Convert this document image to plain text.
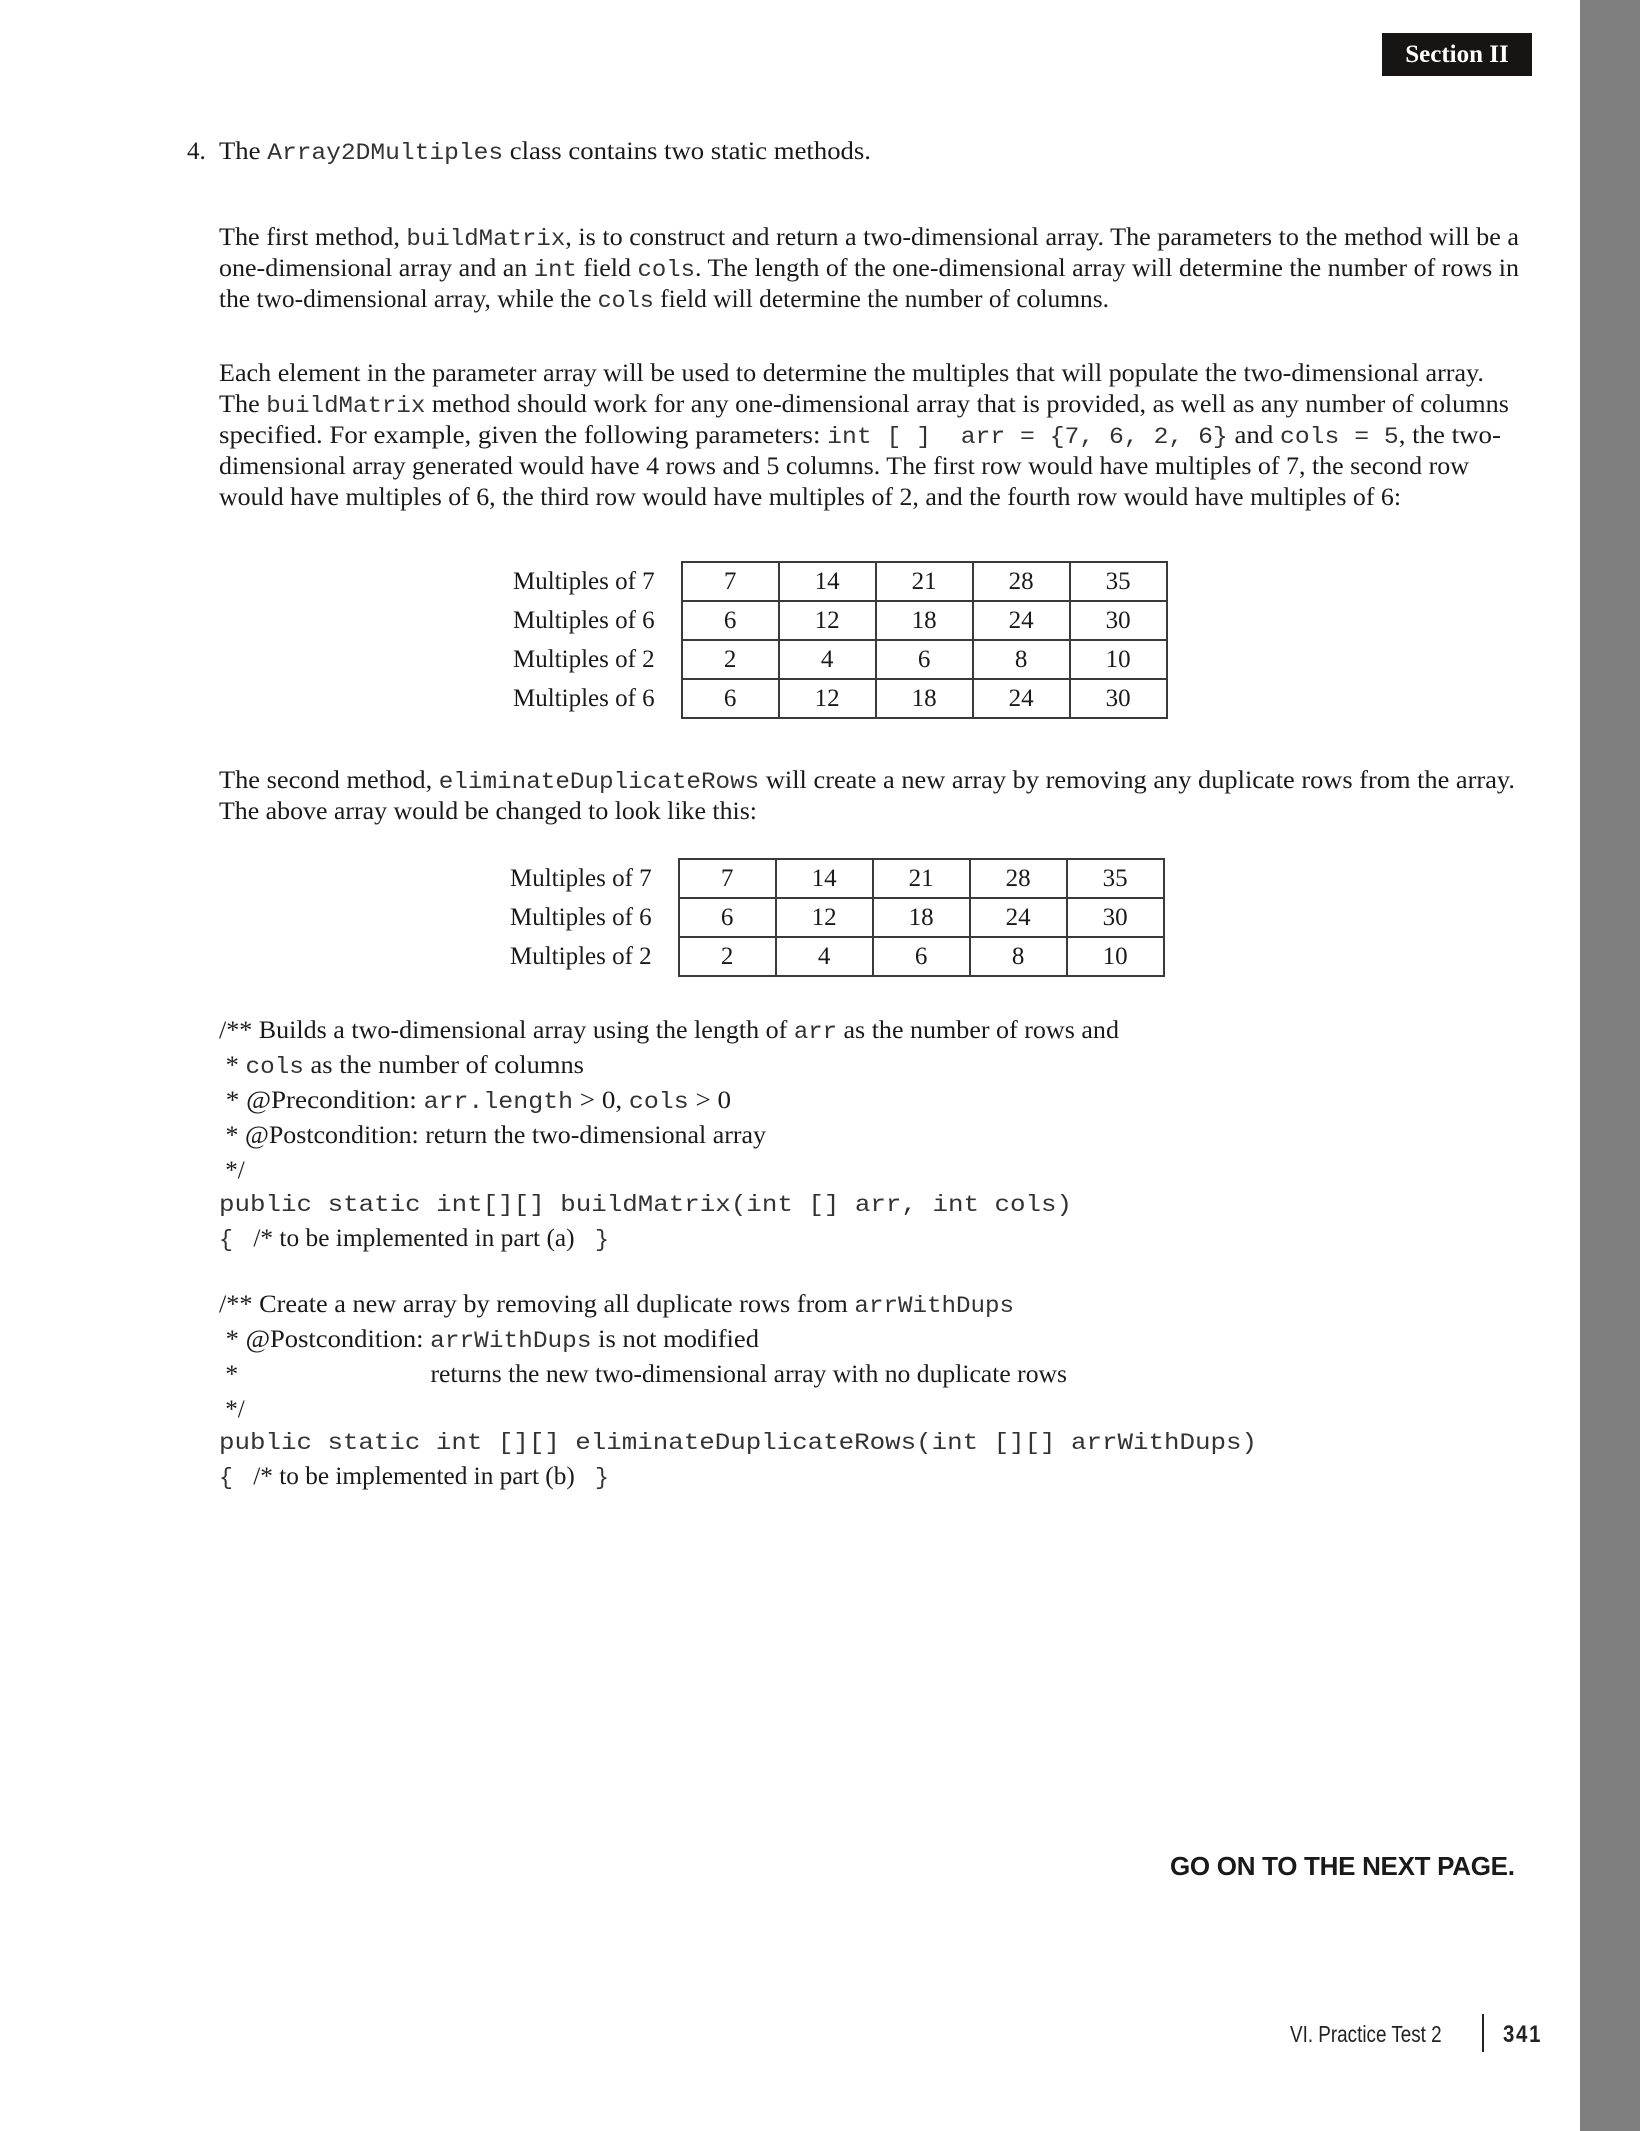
Section II
4. The Array2DMultiples class contains two static methods.
The first method, buildMatrix, is to construct and return a two-dimensional array. The parameters to the method will be a
one-dimensional array and an int field cols. The length of the one-dimensional array will determine the number of rows in
the two-dimensional array, while the cols field will determine the number of columns.
Each element in the parameter array will be used to determine the multiples that will populate the two-dimensional array.
The buildMatrix method should work for any one-dimensional array that is provided, as well as any number of columns
specified. For example, given the following parameters: int [ ]  arr = {7, 6, 2, 6} and cols = 5, the two-
dimensional array generated would have 4 rows and 5 columns. The first row would have multiples of 7, the second row
would have multiples of 6, the third row would have multiples of 2, and the fourth row would have multiples of 6:
The second method, eliminateDuplicateRows will create a new array by removing any duplicate rows from the array.
The above array would be changed to look like this:
/** Builds a two-dimensional array using the length of arr as the number of rows and
* cols as the number of columns
* @Precondition: arr.length > 0, cols > 0
* @Postcondition: return the two-dimensional array
*/
public static int[][] buildMatrix(int [] arr, int cols)
{  /* to be implemented in part (a)  }
/** Create a new array by removing all duplicate rows from arrWithDups
* @Postcondition: arrWithDups is not modified
*                              returns the new two-dimensional array with no duplicate rows
*/
public static int [][] eliminateDuplicateRows(int [][] arrWithDups)
{  /* to be implemented in part (b)  }
Multiples of 7	7	14	21	28	35
Multiples of 6	6	12	18	24	30
Multiples of 2	2	4	6	8	10
Multiples of 6	6	12	18	24	30
Multiples of 7	7	14	21	28	35
Multiples of 6	6	12	18	24	30
Multiples of 2	2	4	6	8	10
GO ON TO THE NEXT PAGE.
VI. Practice Test 2	341
